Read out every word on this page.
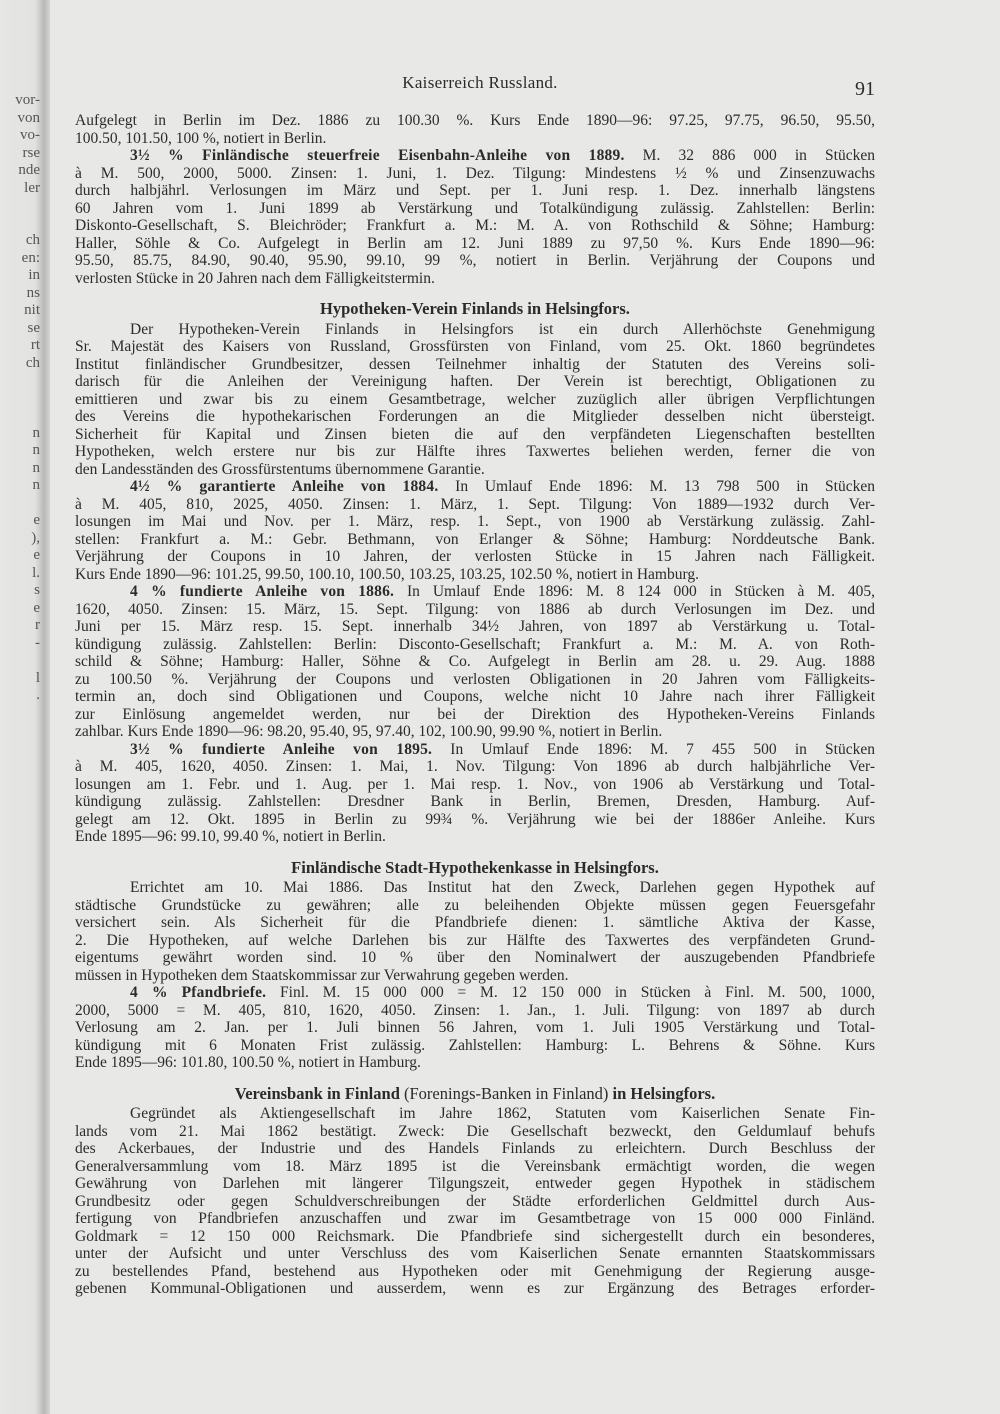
vor-
von
vo-
rse
nde
ler
ch
en:
in
ns
nit
se
rt
ch
n
n
n
n
e
),
e
l.
s
e
r
-
l
.
Kaiserreich Russland.	91
Aufgelegt in Berlin im Dez. 1886 zu 100.30 %. Kurs Ende 1890—96: 97.25, 97.75, 96.50, 95.50,
100.50, 101.50, 100 %, notiert in Berlin.
3½ % Finländische steuerfreie Eisenbahn-Anleihe von 1889. M. 32 886 000 in Stücken
à M. 500, 2000, 5000. Zinsen: 1. Juni, 1. Dez. Tilgung: Mindestens ½ % und Zinsenzuwachs
durch halbjährl. Verlosungen im März und Sept. per 1. Juni resp. 1. Dez. innerhalb längstens
60 Jahren vom 1. Juni 1899 ab Verstärkung und Totalkündigung zulässig. Zahlstellen: Berlin:
Diskonto-Gesellschaft, S. Bleichröder; Frankfurt a. M.: M. A. von Rothschild & Söhne; Hamburg:
Haller, Söhle & Co. Aufgelegt in Berlin am 12. Juni 1889 zu 97,50 %. Kurs Ende 1890—96:
95.50, 85.75, 84.90, 90.40, 95.90, 99.10, 99 %, notiert in Berlin. Verjährung der Coupons und
verlosten Stücke in 20 Jahren nach dem Fälligkeitstermin.
Hypotheken-Verein Finlands in Helsingfors.
Der Hypotheken-Verein Finlands in Helsingfors ist ein durch Allerhöchste Genehmigung
Sr. Majestät des Kaisers von Russland, Grossfürsten von Finland, vom 25. Okt. 1860 begründetes
Institut finländischer Grundbesitzer, dessen Teilnehmer inhaltig der Statuten des Vereins soli-
darisch für die Anleihen der Vereinigung haften. Der Verein ist berechtigt, Obligationen zu
emittieren und zwar bis zu einem Gesamtbetrage, welcher zuzüglich aller übrigen Verpflichtungen
des Vereins die hypothekarischen Forderungen an die Mitglieder desselben nicht übersteigt.
Sicherheit für Kapital und Zinsen bieten die auf den verpfändeten Liegenschaften bestellten
Hypotheken, welch erstere nur bis zur Hälfte ihres Taxwertes beliehen werden, ferner die von
den Landesständen des Grossfürstentums übernommene Garantie.
4½ % garantierte Anleihe von 1884. In Umlauf Ende 1896: M. 13 798 500 in Stücken
à M. 405, 810, 2025, 4050. Zinsen: 1. März, 1. Sept. Tilgung: Von 1889—1932 durch Ver-
losungen im Mai und Nov. per 1. März, resp. 1. Sept., von 1900 ab Verstärkung zulässig. Zahl-
stellen: Frankfurt a. M.: Gebr. Bethmann, von Erlanger & Söhne; Hamburg: Norddeutsche Bank.
Verjährung der Coupons in 10 Jahren, der verlosten Stücke in 15 Jahren nach Fälligkeit.
Kurs Ende 1890—96: 101.25, 99.50, 100.10, 100.50, 103.25, 103.25, 102.50 %, notiert in Hamburg.
4 % fundierte Anleihe von 1886. In Umlauf Ende 1896: M. 8 124 000 in Stücken à M. 405,
1620, 4050. Zinsen: 15. März, 15. Sept. Tilgung: von 1886 ab durch Verlosungen im Dez. und
Juni per 15. März resp. 15. Sept. innerhalb 34½ Jahren, von 1897 ab Verstärkung u. Total-
kündigung zulässig. Zahlstellen: Berlin: Disconto-Gesellschaft; Frankfurt a. M.: M. A. von Roth-
schild & Söhne; Hamburg: Haller, Söhne & Co. Aufgelegt in Berlin am 28. u. 29. Aug. 1888
zu 100.50 %. Verjährung der Coupons und verlosten Obligationen in 20 Jahren vom Fälligkeits-
termin an, doch sind Obligationen und Coupons, welche nicht 10 Jahre nach ihrer Fälligkeit
zur Einlösung angemeldet werden, nur bei der Direktion des Hypotheken-Vereins Finlands
zahlbar. Kurs Ende 1890—96: 98.20, 95.40, 95, 97.40, 102, 100.90, 99.90 %, notiert in Berlin.
3½ % fundierte Anleihe von 1895. In Umlauf Ende 1896: M. 7 455 500 in Stücken
à M. 405, 1620, 4050. Zinsen: 1. Mai, 1. Nov. Tilgung: Von 1896 ab durch halbjährliche Ver-
losungen am 1. Febr. und 1. Aug. per 1. Mai resp. 1. Nov., von 1906 ab Verstärkung und Total-
kündigung zulässig. Zahlstellen: Dresdner Bank in Berlin, Bremen, Dresden, Hamburg. Auf-
gelegt am 12. Okt. 1895 in Berlin zu 99¾ %. Verjährung wie bei der 1886er Anleihe. Kurs
Ende 1895—96: 99.10, 99.40 %, notiert in Berlin.
Finländische Stadt-Hypothekenkasse in Helsingfors.
Errichtet am 10. Mai 1886. Das Institut hat den Zweck, Darlehen gegen Hypothek auf
städtische Grundstücke zu gewähren; alle zu beleihenden Objekte müssen gegen Feuersgefahr
versichert sein. Als Sicherheit für die Pfandbriefe dienen: 1. sämtliche Aktiva der Kasse,
2. Die Hypotheken, auf welche Darlehen bis zur Hälfte des Taxwertes des verpfändeten Grund-
eigentums gewährt worden sind. 10 % über den Nominalwert der auszugebenden Pfandbriefe
müssen in Hypotheken dem Staatskommissar zur Verwahrung gegeben werden.
4 % Pfandbriefe. Finl. M. 15 000 000 = M. 12 150 000 in Stücken à Finl. M. 500, 1000,
2000, 5000 = M. 405, 810, 1620, 4050. Zinsen: 1. Jan., 1. Juli. Tilgung: von 1897 ab durch
Verlosung am 2. Jan. per 1. Juli binnen 56 Jahren, vom 1. Juli 1905 Verstärkung und Total-
kündigung mit 6 Monaten Frist zulässig. Zahlstellen: Hamburg: L. Behrens & Söhne. Kurs
Ende 1895—96: 101.80, 100.50 %, notiert in Hamburg.
Vereinsbank in Finland (Forenings-Banken in Finland) in Helsingfors.
Gegründet als Aktiengesellschaft im Jahre 1862, Statuten vom Kaiserlichen Senate Fin-
lands vom 21. Mai 1862 bestätigt. Zweck: Die Gesellschaft bezweckt, den Geldumlauf behufs
des Ackerbaues, der Industrie und des Handels Finlands zu erleichtern. Durch Beschluss der
Generalversammlung vom 18. März 1895 ist die Vereinsbank ermächtigt worden, die wegen
Gewährung von Darlehen mit längerer Tilgungszeit, entweder gegen Hypothek in städischem
Grundbesitz oder gegen Schuldverschreibungen der Städte erforderlichen Geldmittel durch Aus-
fertigung von Pfandbriefen anzuschaffen und zwar im Gesamtbetrage von 15 000 000 Finländ.
Goldmark = 12 150 000 Reichsmark. Die Pfandbriefe sind sichergestellt durch ein besonderes,
unter der Aufsicht und unter Verschluss des vom Kaiserlichen Senate ernannten Staatskommissars
zu bestellendes Pfand, bestehend aus Hypotheken oder mit Genehmigung der Regierung ausge-
gebenen Kommunal-Obligationen und ausserdem, wenn es zur Ergänzung des Betrages erforder-
